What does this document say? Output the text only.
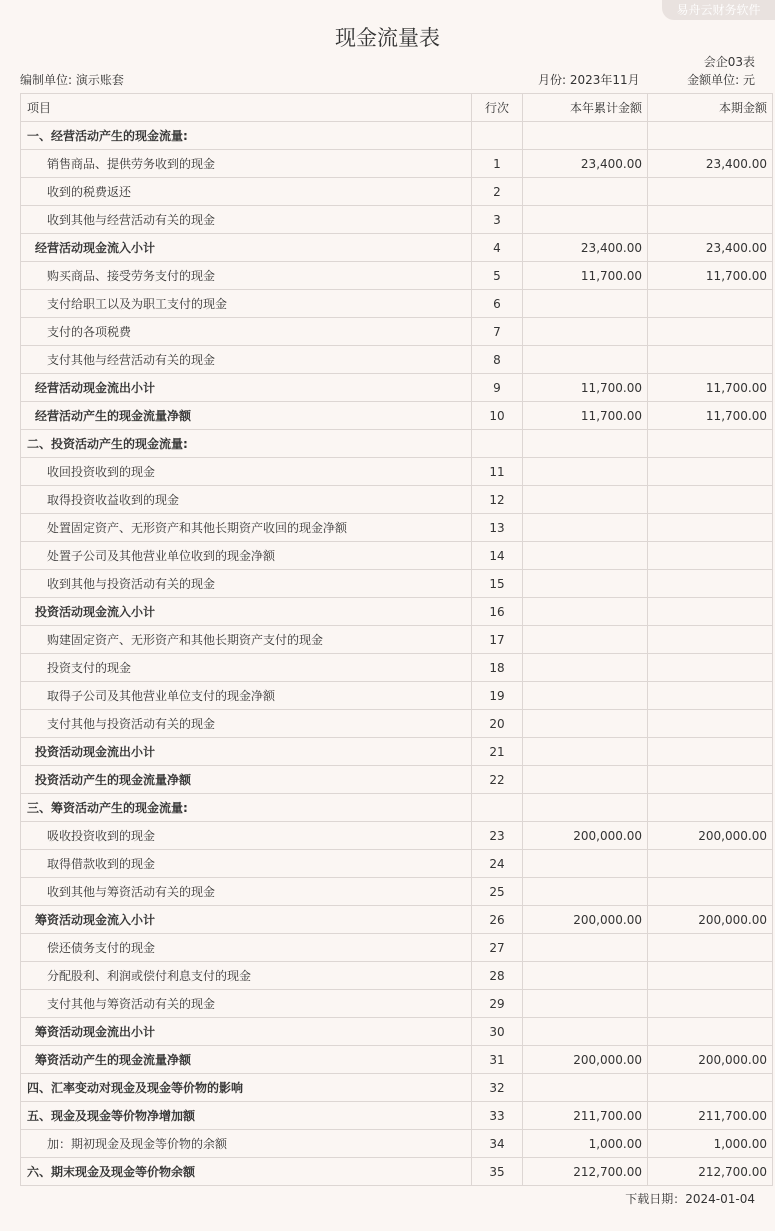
易舟云财务软件
现金流量表
会企03表
编制单位: 演示账套	月份: 2023年11月	金额单位: 元
项目	行次	本年累计金额	本期金额
一、经营活动产生的现金流量:			
销售商品、提供劳务收到的现金	1	23,400.00	23,400.00
收到的税费返还	2		
收到其他与经营活动有关的现金	3		
经营活动现金流入小计	4	23,400.00	23,400.00
购买商品、接受劳务支付的现金	5	11,700.00	11,700.00
支付给职工以及为职工支付的现金	6		
支付的各项税费	7		
支付其他与经营活动有关的现金	8		
经营活动现金流出小计	9	11,700.00	11,700.00
经营活动产生的现金流量净额	10	11,700.00	11,700.00
二、投资活动产生的现金流量:			
收回投资收到的现金	11		
取得投资收益收到的现金	12		
处置固定资产、无形资产和其他长期资产收回的现金净额	13		
处置子公司及其他营业单位收到的现金净额	14		
收到其他与投资活动有关的现金	15		
投资活动现金流入小计	16		
购建固定资产、无形资产和其他长期资产支付的现金	17		
投资支付的现金	18		
取得子公司及其他营业单位支付的现金净额	19		
支付其他与投资活动有关的现金	20		
投资活动现金流出小计	21		
投资活动产生的现金流量净额	22		
三、筹资活动产生的现金流量:			
吸收投资收到的现金	23	200,000.00	200,000.00
取得借款收到的现金	24		
收到其他与筹资活动有关的现金	25		
筹资活动现金流入小计	26	200,000.00	200,000.00
偿还债务支付的现金	27		
分配股利、利润或偿付利息支付的现金	28		
支付其他与筹资活动有关的现金	29		
筹资活动现金流出小计	30		
筹资活动产生的现金流量净额	31	200,000.00	200,000.00
四、汇率变动对现金及现金等价物的影响	32		
五、现金及现金等价物净增加额	33	211,700.00	211,700.00
加：期初现金及现金等价物的余额	34	1,000.00	1,000.00
六、期末现金及现金等价物余额	35	212,700.00	212,700.00
下载日期：2024-01-04
